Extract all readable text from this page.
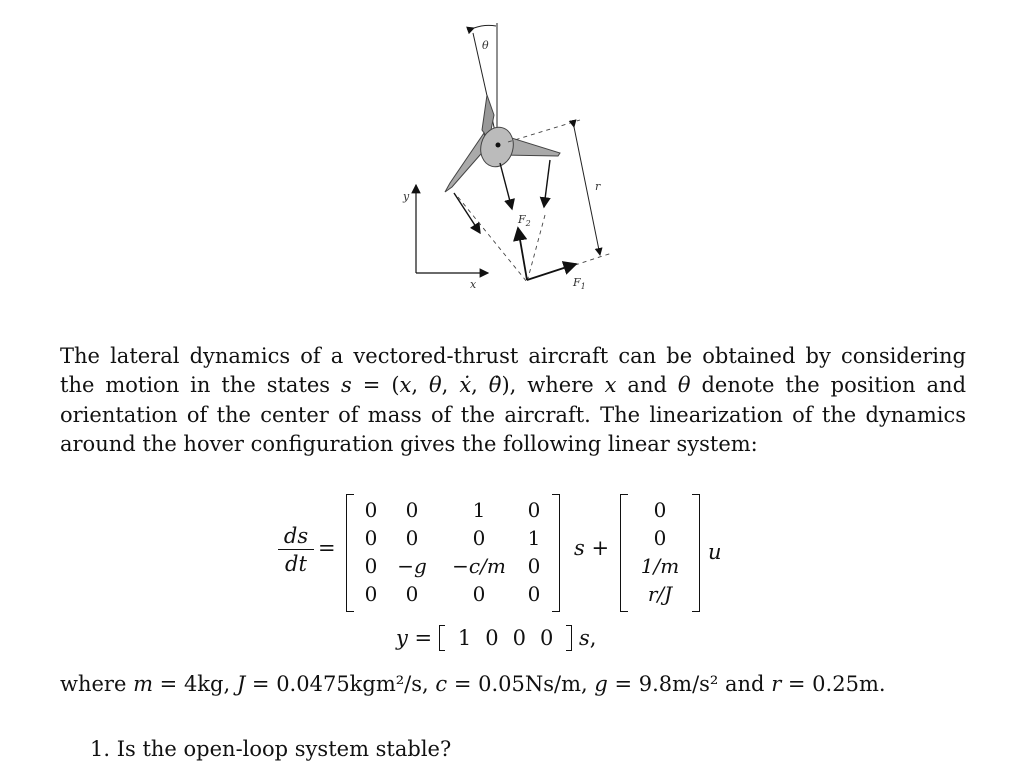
θ
r
$F_2$
$F_1$
y
x
The lateral dynamics of a vectored-thrust aircraft can be obtained by considering the motion in the states s = (x, θ, ẋ, θ̇), where x and θ denote the position and orientation of the center of mass of the aircraft. The linearization of the dynamics around the hover configuration gives the following linear system:
$\frac{ds}{dt}$ =
0	0	1	0
0	0	0	1
0 −g	−c/m	0
0	0	0	0
s +
0
0
1/m
r/J
u
y = 1 0 0 0 s,
where m = 4kg, J = 0.0475kgm²/s, c = 0.05Ns/m, g = 9.8m/s² and r = 0.25m.
1. Is the open-loop system stable?
